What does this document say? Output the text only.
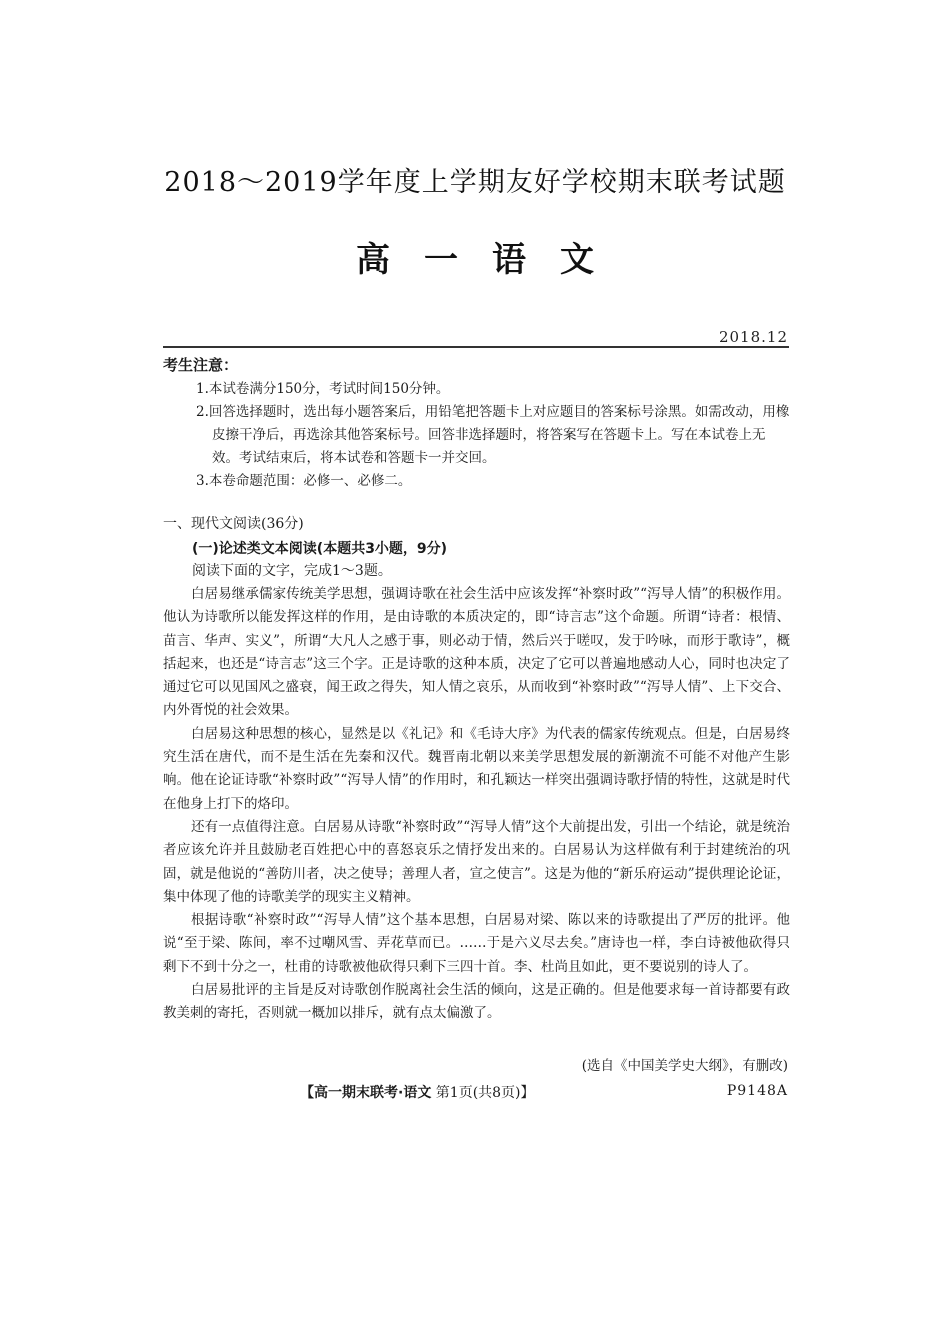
2018～2019学年度上学期友好学校期末联考试题
高一语文
2018.12
考生注意：

1.本试卷满分150分，考试时间150分钟。

2.回答选择题时，选出每小题答案后，用铅笔把答题卡上对应题目的答案标号涂黑。如需改动，用橡皮擦干净后，再选涂其他答案标号。回答非选择题时，将答案写在答题卡上。写在本试卷上无效。考试结束后，将本试卷和答题卡一并交回。

3.本卷命题范围：必修一、必修二。

一、现代文阅读(36分)
(一)论述类文本阅读(本题共3小题，9分)
阅读下面的文字，完成1～3题。

白居易继承儒家传统美学思想，强调诗歌在社会生活中应该发挥“补察时政”“泻导人情”的积极作用。他认为诗歌所以能发挥这样的作用，是由诗歌的本质决定的，即“诗言志”这个命题。所谓“诗者：根情、苗言、华声、实义”，所谓“大凡人之感于事，则必动于情，然后兴于嗟叹，发于吟咏，而形于歌诗”，概括起来，也还是“诗言志”这三个字。正是诗歌的这种本质，决定了它可以普遍地感动人心，同时也决定了通过它可以见国风之盛衰，闻王政之得失，知人情之哀乐，从而收到“补察时政”“泻导人情”、上下交合、内外胥悦的社会效果。

白居易这种思想的核心，显然是以《礼记》和《毛诗大序》为代表的儒家传统观点。但是，白居易终究生活在唐代，而不是生活在先秦和汉代。魏晋南北朝以来美学思想发展的新潮流不可能不对他产生影响。他在论证诗歌“补察时政”“泻导人情”的作用时，和孔颖达一样突出强调诗歌抒情的特性，这就是时代在他身上打下的烙印。

还有一点值得注意。白居易从诗歌“补察时政”“泻导人情”这个大前提出发，引出一个结论，就是统治者应该允许并且鼓励老百姓把心中的喜怒哀乐之情抒发出来的。白居易认为这样做有利于封建统治的巩固，就是他说的“善防川者，决之使导；善理人者，宣之使言”。这是为他的“新乐府运动”提供理论论证，集中体现了他的诗歌美学的现实主义精神。

根据诗歌“补察时政”“泻导人情”这个基本思想，白居易对梁、陈以来的诗歌提出了严厉的批评。他说“至于梁、陈间，率不过嘲风雪、弄花草而已。……于是六义尽去矣。”唐诗也一样，李白诗被他砍得只剩下不到十分之一，杜甫的诗歌被他砍得只剩下三四十首。李、杜尚且如此，更不要说别的诗人了。

白居易批评的主旨是反对诗歌创作脱离社会生活的倾向，这是正确的。但是他要求每一首诗都要有政教美刺的寄托，否则就一概加以排斥，就有点太偏激了。

(选自《中国美学史大纲》，有删改)
【高一期末联考·语文 第1页(共8页)】	P9148A
